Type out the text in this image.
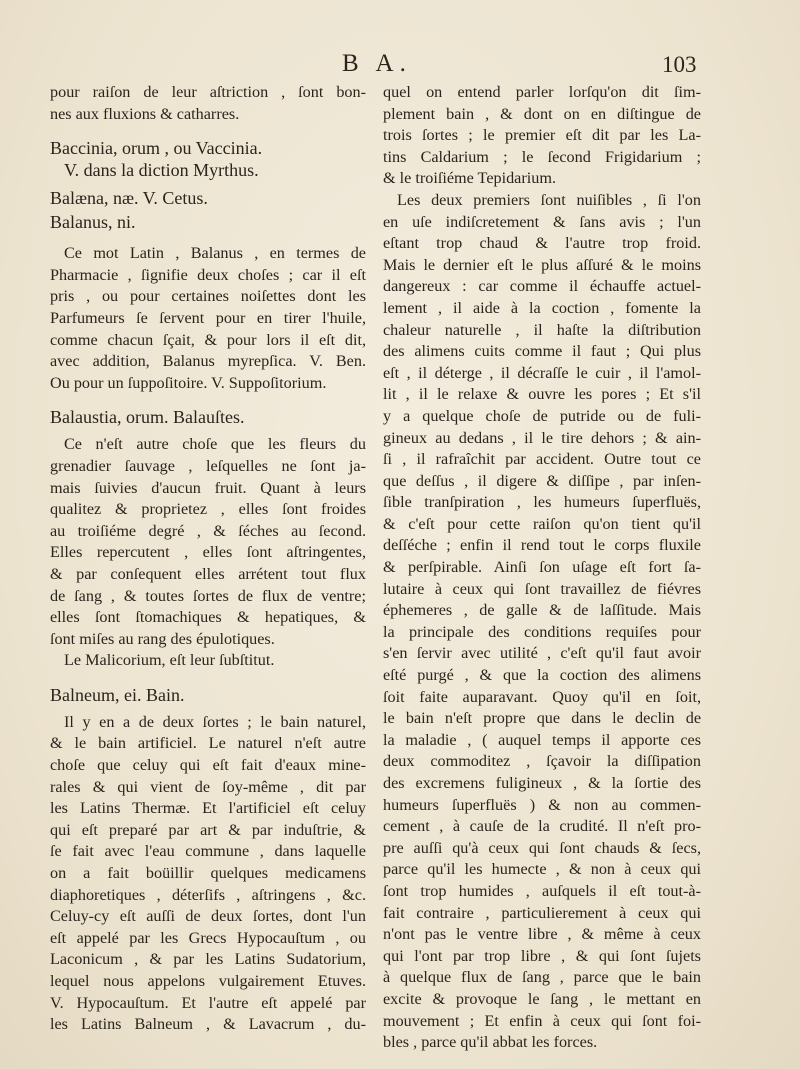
B A.	103
pour raiſon de leur aſtriction , ſont bon-
nes aux fluxions & catharres.
Baccinia, orum , ou Vaccinia.
V. dans la diction Myrthus.
Balæna, næ. V. Cetus.
Balanus, ni.
Ce mot Latin , Balanus , en termes de
Pharmacie , ſignifie deux choſes ; car il eſt
pris , ou pour certaines noiſettes dont les
Parfumeurs ſe ſervent pour en tirer l'huile,
comme chacun ſçait, & pour lors il eſt dit,
avec addition, Balanus myrepſica. V. Ben.
Ou pour un ſuppoſitoire. V. Suppoſitorium.
Balaustia, orum. Balauſtes.
Ce n'eſt autre choſe que les fleurs du
grenadier ſauvage , leſquelles ne ſont ja-
mais ſuivies d'aucun fruit. Quant à leurs
qualitez & proprietez , elles ſont froides
au troiſiéme degré , & ſéches au ſecond.
Elles repercutent , elles ſont aſtringentes,
& par conſequent elles arrétent tout flux
de ſang , & toutes ſortes de flux de ventre;
elles ſont ſtomachiques & hepatiques, &
ſont miſes au rang des épulotiques.
Le Malicorium, eſt leur ſubſtitut.
Balneum, ei. Bain.
Il y en a de deux ſortes ; le bain naturel,
& le bain artificiel. Le naturel n'eſt autre
choſe que celuy qui eſt fait d'eaux mine-
rales & qui vient de ſoy-même , dit par
les Latins Thermæ. Et l'artificiel eſt celuy
qui eſt preparé par art & par induſtrie, &
ſe fait avec l'eau commune , dans laquelle
on a fait boüillir quelques medicamens
diaphoretiques , déterſifs , aſtringens , &c.
Celuy-cy eſt auſſi de deux ſortes, dont l'un
eſt appelé par les Grecs Hypocauſtum , ou
Laconicum , & par les Latins Sudatorium,
lequel nous appelons vulgairement Etuves.
V. Hypocauſtum. Et l'autre eſt appelé par
les Latins Balneum , & Lavacrum , du-
quel on entend parler lorſqu'on dit ſim-
plement bain , & dont on en diſtingue de
trois ſortes ; le premier eſt dit par les La-
tins Caldarium ; le ſecond Frigidarium ;
& le troiſiéme Tepidarium.
Les deux premiers ſont nuiſibles , ſi l'on
en uſe indiſcretement & ſans avis ; l'un
eſtant trop chaud & l'autre trop froid.
Mais le dernier eſt le plus aſſuré & le moins
dangereux : car comme il échauffe actuel-
lement , il aide à la coction , fomente la
chaleur naturelle , il haſte la diſtribution
des alimens cuits comme il faut ; Qui plus
eſt , il déterge , il décraſſe le cuir , il l'amol-
lit , il le relaxe & ouvre les pores ; Et s'il
y a quelque choſe de putride ou de fuli-
gineux au dedans , il le tire dehors ; & ain-
ſi , il rafraîchit par accident. Outre tout ce
que deſſus , il digere & diſſipe , par inſen-
ſible tranſpiration , les humeurs ſuperfluës,
& c'eſt pour cette raiſon qu'on tient qu'il
deſſéche ; enfin il rend tout le corps fluxile
& perſpirable. Ainſi ſon uſage eſt fort ſa-
lutaire à ceux qui ſont travaillez de fiévres
éphemeres , de galle & de laſſitude. Mais
la principale des conditions requiſes pour
s'en ſervir avec utilité , c'eſt qu'il faut avoir
eſté purgé , & que la coction des alimens
ſoit faite auparavant. Quoy qu'il en ſoit,
le bain n'eſt propre que dans le declin de
la maladie , ( auquel temps il apporte ces
deux commoditez , ſçavoir la diſſipation
des excremens fuligineux , & la ſortie des
humeurs ſuperfluës ) & non au commen-
cement , à cauſe de la crudité. Il n'eſt pro-
pre auſſi qu'à ceux qui ſont chauds & ſecs,
parce qu'il les humecte , & non à ceux qui
ſont trop humides , auſquels il eſt tout-à-
fait contraire , particulierement à ceux qui
n'ont pas le ventre libre , & même à ceux
qui l'ont par trop libre , & qui ſont ſujets
à quelque flux de ſang , parce que le bain
excite & provoque le ſang , le mettant en
mouvement ; Et enfin à ceux qui ſont foi-
bles , parce qu'il abbat les forces.
